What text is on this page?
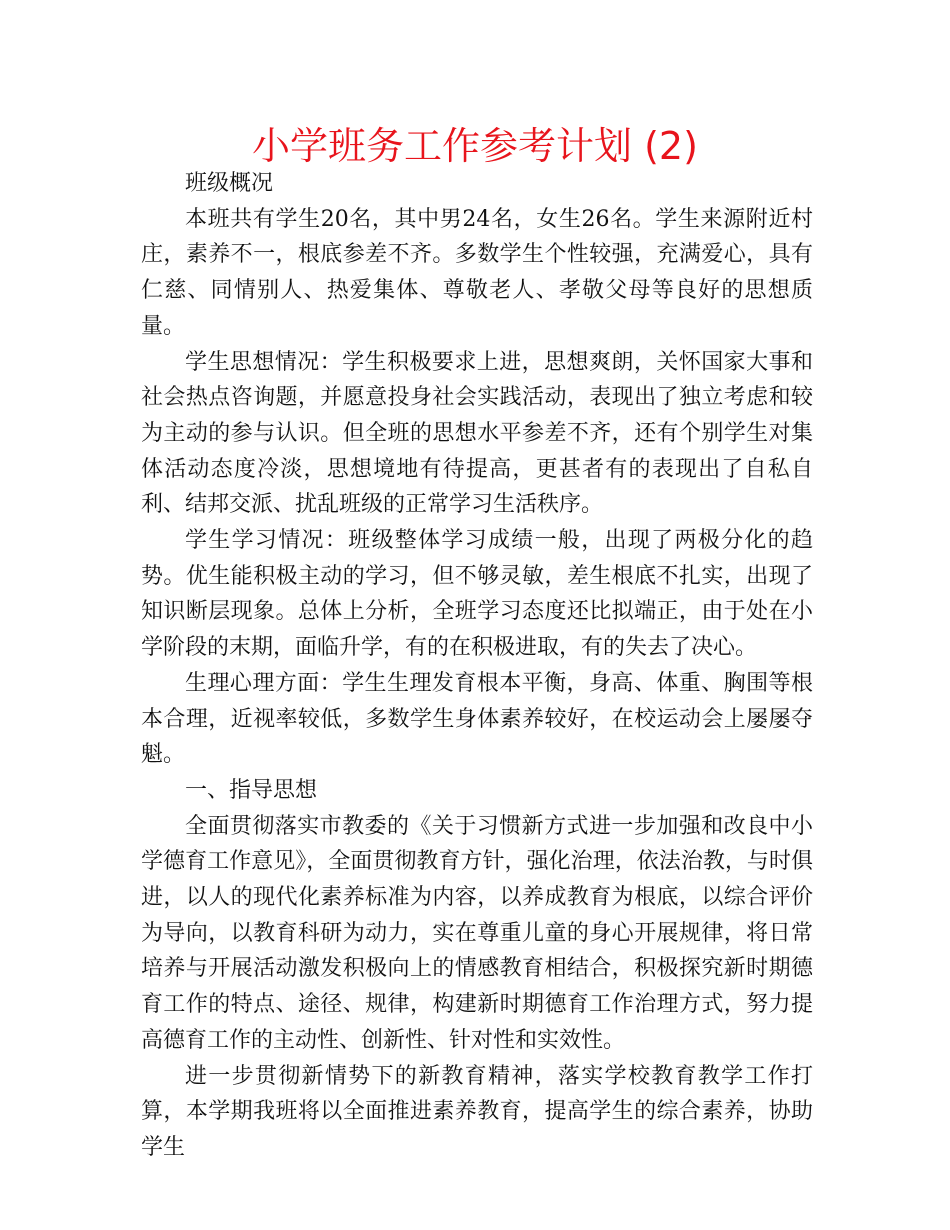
小学班务工作参考计划 (2)

班级概况

本班共有学生20名，其中男24名，女生26名。学生来源附近村庄，素养不一，根底参差不齐。多数学生个性较强，充满爱心，具有仁慈、同情别人、热爱集体、尊敬老人、孝敬父母等良好的思想质量。

学生思想情况：学生积极要求上进，思想爽朗，关怀国家大事和社会热点咨询题，并愿意投身社会实践活动，表现出了独立考虑和较为主动的参与认识。但全班的思想水平参差不齐，还有个别学生对集体活动态度冷淡，思想境地有待提高，更甚者有的表现出了自私自利、结邦交派、扰乱班级的正常学习生活秩序。

学生学习情况：班级整体学习成绩一般，出现了两极分化的趋势。优生能积极主动的学习，但不够灵敏，差生根底不扎实，出现了知识断层现象。总体上分析，全班学习态度还比拟端正，由于处在小学阶段的末期，面临升学，有的在积极进取，有的失去了决心。

生理心理方面：学生生理发育根本平衡，身高、体重、胸围等根本合理，近视率较低，多数学生身体素养较好，在校运动会上屡屡夺魁。

一、指导思想

全面贯彻落实市教委的《关于习惯新方式进一步加强和改良中小学德育工作意见》，全面贯彻教育方针，强化治理，依法治教，与时俱进，以人的现代化素养标准为内容，以养成教育为根底，以综合评价为导向，以教育科研为动力，实在尊重儿童的身心开展规律，将日常培养与开展活动激发积极向上的情感教育相结合，积极探究新时期德育工作的特点、途径、规律，构建新时期德育工作治理方式，努力提高德育工作的主动性、创新性、针对性和实效性。

进一步贯彻新情势下的新教育精神，落实学校教育教学工作打算，本学期我班将以全面推进素养教育，提高学生的综合素养，协助学生
